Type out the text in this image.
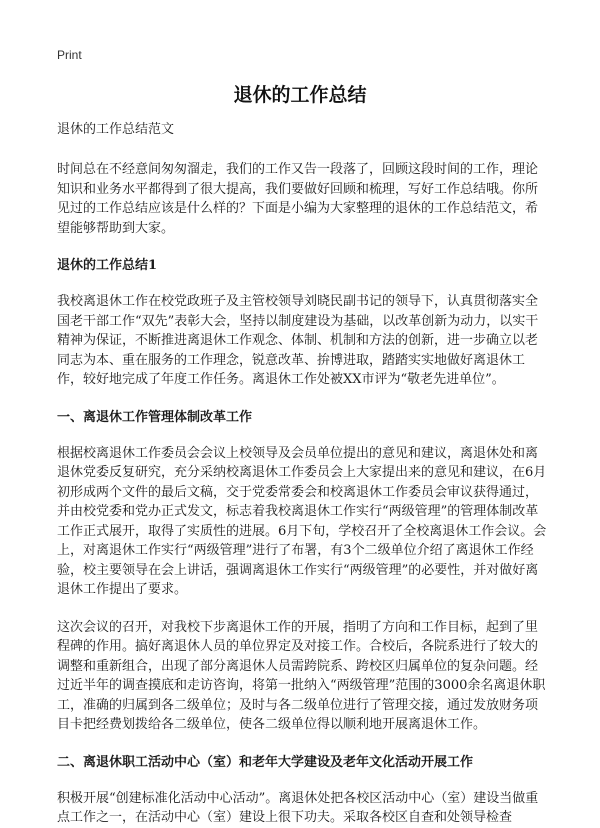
Print
退休的工作总结
退休的工作总结范文

时间总在不经意间匆匆溜走，我们的工作又告一段落了，回顾这段时间的工作，理论知识和业务水平都得到了很大提高，我们要做好回顾和梳理，写好工作总结哦。你所见过的工作总结应该是什么样的？下面是小编为大家整理的退休的工作总结范文，希望能够帮助到大家。

退休的工作总结1

我校离退休工作在校党政班子及主管校领导刘晓民副书记的领导下，认真贯彻落实全国老干部工作“双先”表彰大会，坚持以制度建设为基础，以改革创新为动力，以实干精神为保证，不断推进离退休工作观念、体制、机制和方法的创新，进一步确立以老同志为本、重在服务的工作理念，锐意改革、拚博进取，踏踏实实地做好离退休工作，较好地完成了年度工作任务。离退休工作处被XX市评为“敬老先进单位”。

一、离退休工作管理体制改革工作

根据校离退休工作委员会会议上校领导及会员单位提出的意见和建议，离退休处和离退休党委反复研究，充分采纳校离退休工作委员会上大家提出来的意见和建议，在6月初形成两个文件的最后文稿，交于党委常委会和校离退休工作委员会审议获得通过，并由校党委和党办正式发文，标志着我校离退休工作实行“两级管理”的管理体制改革工作正式展开，取得了实质性的进展。6月下旬，学校召开了全校离退休工作会议。会上，对离退休工作实行“两级管理”进行了布署，有3个二级单位介绍了离退休工作经验，校主要领导在会上讲话，强调离退休工作实行“两级管理”的必要性，并对做好离退休工作提出了要求。

这次会议的召开，对我校下步离退休工作的开展，指明了方向和工作目标，起到了里程碑的作用。搞好离退休人员的单位界定及对接工作。合校后，各院系进行了较大的调整和重新组合，出现了部分离退休人员需跨院系、跨校区归属单位的复杂问题。经过近半年的调查摸底和走访咨询，将第一批纳入“两级管理”范围的3000余名离退休职工，准确的归属到各二级单位；及时与各二级单位进行了管理交接，通过发放财务项目卡把经费划拨给各二级单位，使各二级单位得以顺利地开展离退休工作。

二、离退休职工活动中心（室）和老年大学建设及老年文化活动开展工作

积极开展“创建标准化活动中心活动”。离退休处把各校区活动中心（室）建设当做重点工作之一，在活动中心（室）建设上很下功夫。采取各校区自查和处领导检查
